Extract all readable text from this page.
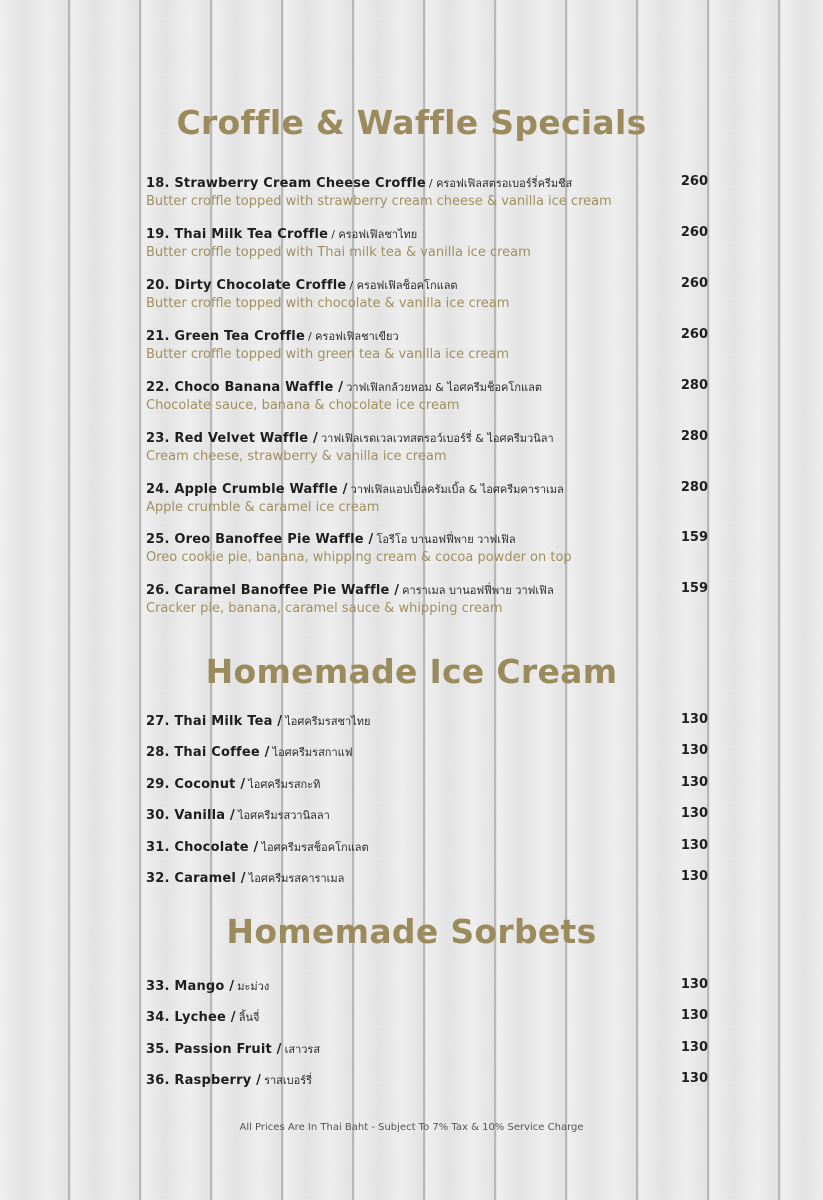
Croffle & Waffle Specials
18. Strawberry Cream Cheese Croffle / ครอฟเฟิลสตรอเบอร์รี่ครีมชีส	260
Butter croffle topped with strawberry cream cheese & vanilla ice cream
19. Thai Milk Tea Croffle / ครอฟเฟิลชาไทย	260
Butter croffle topped with Thai milk tea & vanilla ice cream
20. Dirty Chocolate Croffle / ครอฟเฟิลช็อคโกแลต	260
Butter croffle topped with chocolate & vanilla ice cream
21. Green Tea Croffle / ครอฟเฟิลชาเขียว	260
Butter croffle topped with green tea & vanilla ice cream
22. Choco Banana Waffle / วาฟเฟิลกล้วยหอม & ไอศครีมช็อคโกแลต	280
Chocolate sauce, banana & chocolate ice cream
23. Red Velvet Waffle / วาฟเฟิลเรดเวลเวทสตรอว์เบอร์รี่ & ไอศครีมวนิลา	280
Cream cheese, strawberry & vanilla ice cream
24. Apple Crumble Waffle / วาฟเฟิลแอปเปิ้ลครัมเบิ้ล & ไอศครีมคาราเมล	280
Apple crumble & caramel ice cream
25. Oreo Banoffee Pie Waffle / โอรีโอ บานอฟฟี่พาย วาฟเฟิล	159
Oreo cookie pie, banana, whipping cream & cocoa powder on top
26. Caramel Banoffee Pie Waffle / คาราเมล บานอฟฟี่พาย วาฟเฟิล	159
Cracker pie, banana, caramel sauce & whipping cream
Homemade Ice Cream
27. Thai Milk Tea / ไอศครีมรสชาไทย	130
28. Thai Coffee / ไอศครีมรสกาแฟ	130
29. Coconut / ไอศครีมรสกะทิ	130
30. Vanilla / ไอศครีมรสวานิลลา	130
31. Chocolate / ไอศครีมรสช็อคโกแลต	130
32. Caramel / ไอศครีมรสคาราเมล	130
Homemade Sorbets
33. Mango / มะม่วง	130
34. Lychee / ลิ้นจี่	130
35. Passion Fruit / เสาวรส	130
36. Raspberry / ราสเบอร์รี่	130
All Prices Are In Thai Baht - Subject To 7% Tax & 10% Service Charge
